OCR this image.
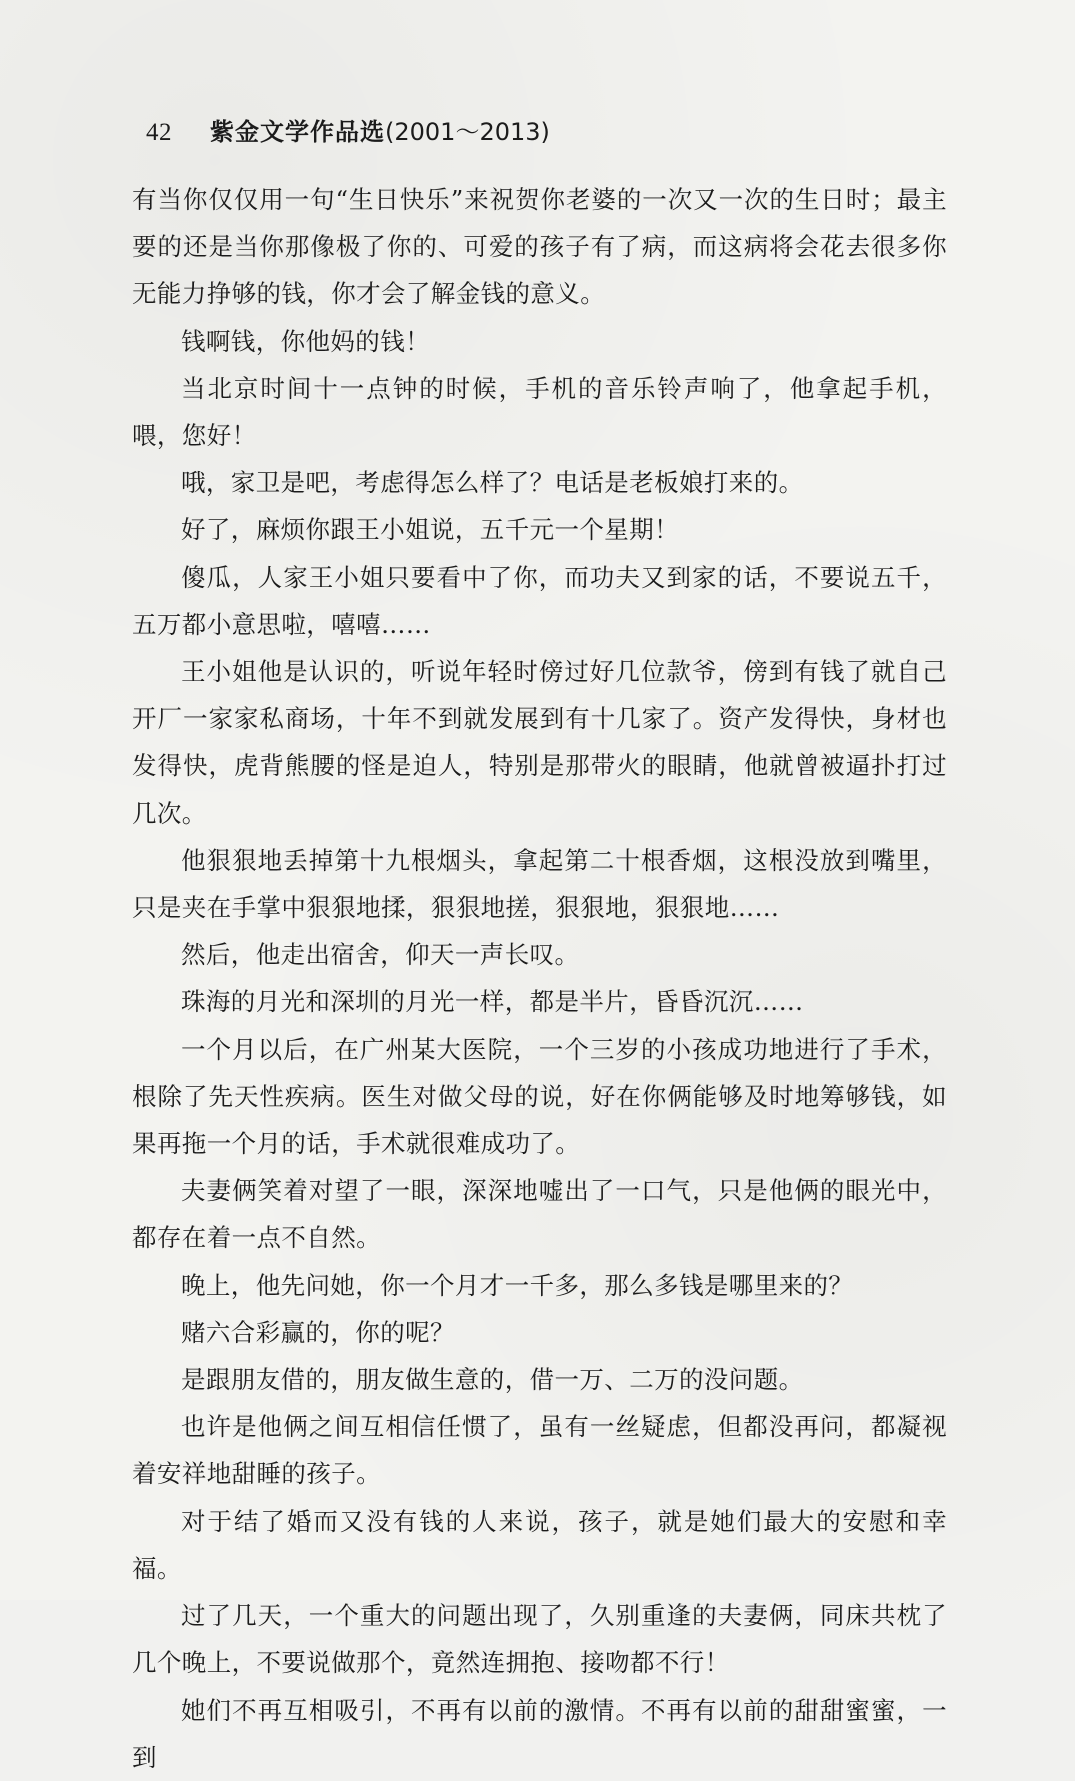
42 紫金文学作品选(2001～2013)

有当你仅仅用一句“生日快乐”来祝贺你老婆的一次又一次的生日时；最主要的还是当你那像极了你的、可爱的孩子有了病，而这病将会花去很多你无能力挣够的钱，你才会了解金钱的意义。

钱啊钱，你他妈的钱！

当北京时间十一点钟的时候，手机的音乐铃声响了，他拿起手机，喂，您好！

哦，家卫是吧，考虑得怎么样了？电话是老板娘打来的。

好了，麻烦你跟王小姐说，五千元一个星期！

傻瓜，人家王小姐只要看中了你，而功夫又到家的话，不要说五千，五万都小意思啦，嘻嘻……

王小姐他是认识的，听说年轻时傍过好几位款爷，傍到有钱了就自己开厂一家家私商场，十年不到就发展到有十几家了。资产发得快，身材也发得快，虎背熊腰的怪是迫人，特别是那带火的眼睛，他就曾被逼扑打过几次。

他狠狠地丢掉第十九根烟头，拿起第二十根香烟，这根没放到嘴里，只是夹在手掌中狠狠地揉，狠狠地搓，狠狠地，狠狠地……

然后，他走出宿舍，仰天一声长叹。

珠海的月光和深圳的月光一样，都是半片，昏昏沉沉……

一个月以后，在广州某大医院，一个三岁的小孩成功地进行了手术，根除了先天性疾病。医生对做父母的说，好在你俩能够及时地筹够钱，如果再拖一个月的话，手术就很难成功了。

夫妻俩笑着对望了一眼，深深地嘘出了一口气，只是他俩的眼光中，都存在着一点不自然。

晚上，他先问她，你一个月才一千多，那么多钱是哪里来的？

赌六合彩赢的，你的呢？

是跟朋友借的，朋友做生意的，借一万、二万的没问题。

也许是他俩之间互相信任惯了，虽有一丝疑虑，但都没再问，都凝视着安祥地甜睡的孩子。

对于结了婚而又没有钱的人来说，孩子，就是她们最大的安慰和幸福。

过了几天，一个重大的问题出现了，久别重逢的夫妻俩，同床共枕了几个晚上，不要说做那个，竟然连拥抱、接吻都不行！

她们不再互相吸引，不再有以前的激情。不再有以前的甜甜蜜蜜，一到
